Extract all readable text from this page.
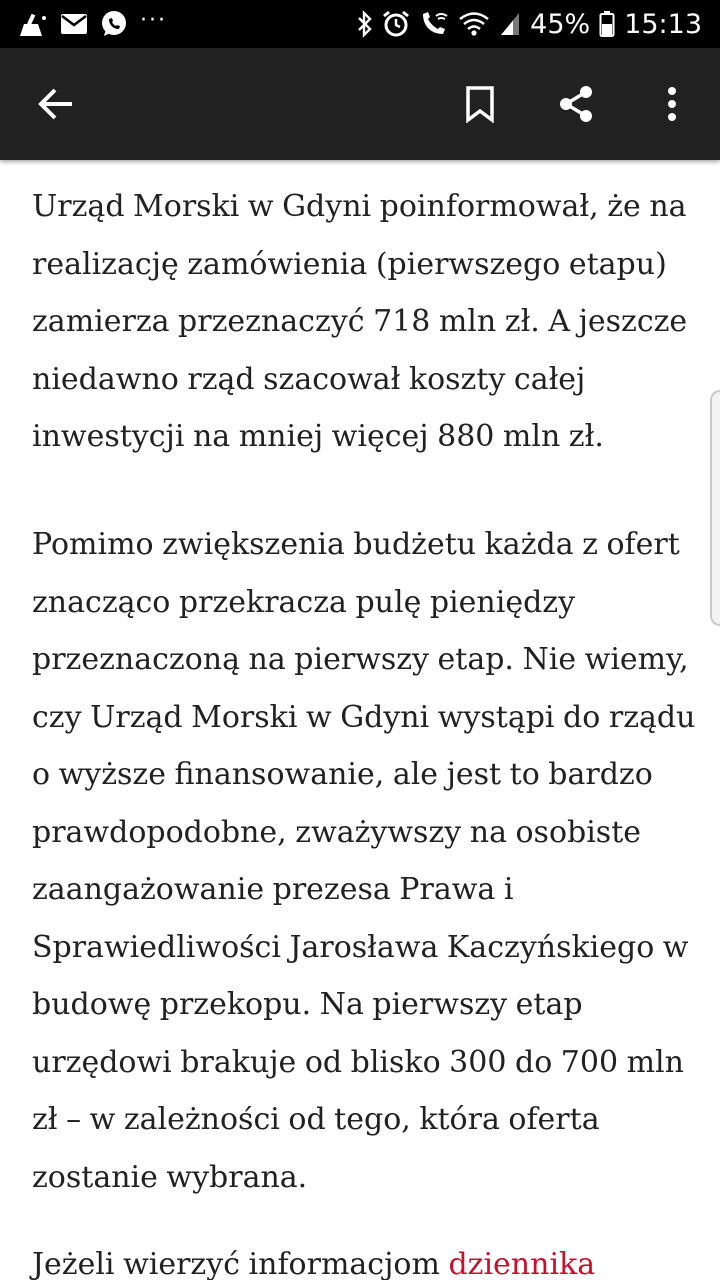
···	45% 15:13

Urząd Morski w Gdyni poinformował, że na realizację zamówienia (pierwszego etapu) zamierza przeznaczyć 718 mln zł. A jeszcze niedawno rząd szacował koszty całej inwestycji na mniej więcej 880 mln zł.

Pomimo zwiększenia budżetu każda z ofert znacząco przekracza pulę pieniędzy przeznaczoną na pierwszy etap. Nie wiemy, czy Urząd Morski w Gdyni wystąpi do rządu o wyższe finansowanie, ale jest to bardzo prawdopodobne, zważywszy na osobiste zaangażowanie prezesa Prawa i Sprawiedliwości Jarosława Kaczyńskiego w budowę przekopu. Na pierwszy etap urzędowi brakuje od blisko 300 do 700 mln zł – w zależności od tego, która oferta zostanie wybrana.

Jeżeli wierzyć informacjom dziennika
